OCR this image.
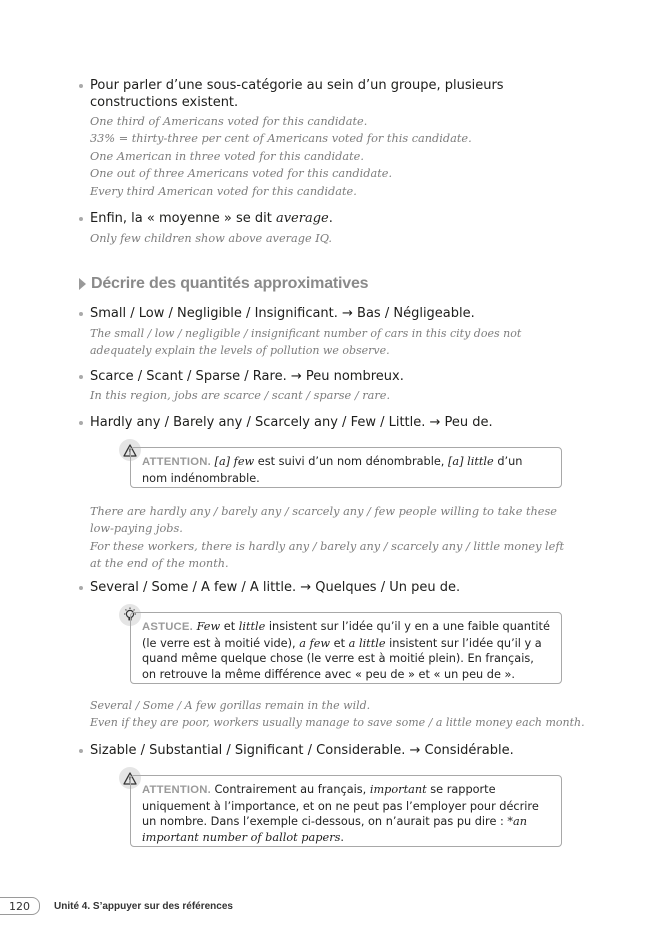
Pour parler d’une sous-catégorie au sein d’un groupe, plusieurs constructions existent.
One third of Americans voted for this candidate.
33% = thirty-three per cent of Americans voted for this candidate.
One American in three voted for this candidate.
One out of three Americans voted for this candidate.
Every third American voted for this candidate.
Enfin, la « moyenne » se dit average.
Only few children show above average IQ.
Décrire des quantités approximatives
Small / Low / Negligible / Insignificant. → Bas / Négligeable.
The small / low / negligible / insignificant number of cars in this city does not adequately explain the levels of pollution we observe.
Scarce / Scant / Sparse / Rare. → Peu nombreux.
In this region, jobs are scarce / scant / sparse / rare.
Hardly any / Barely any / Scarcely any / Few / Little. → Peu de.
ATTENTION. [a] few est suivi d’un nom dénombrable, [a] little d’un nom indénombrable.
There are hardly any / barely any / scarcely any / few people willing to take these low-paying jobs.
For these workers, there is hardly any / barely any / scarcely any / little money left at the end of the month.
Several / Some / A few / A little. → Quelques / Un peu de.
ASTUCE. Few et little insistent sur l’idée qu’il y en a une faible quantité (le verre est à moitié vide), a few et a little insistent sur l’idée qu’il y a quand même quelque chose (le verre est à moitié plein). En français, on retrouve la même différence avec « peu de » et « un peu de ».
Several / Some / A few gorillas remain in the wild.
Even if they are poor, workers usually manage to save some / a little money each month.
Sizable / Substantial / Significant / Considerable. → Considérable.
ATTENTION. Contrairement au français, important se rapporte uniquement à l’importance, et on ne peut pas l’employer pour décrire un nombre. Dans l’exemple ci-dessous, on n’aurait pas pu dire : *an important number of ballot papers.
120	Unité 4. S’appuyer sur des références
